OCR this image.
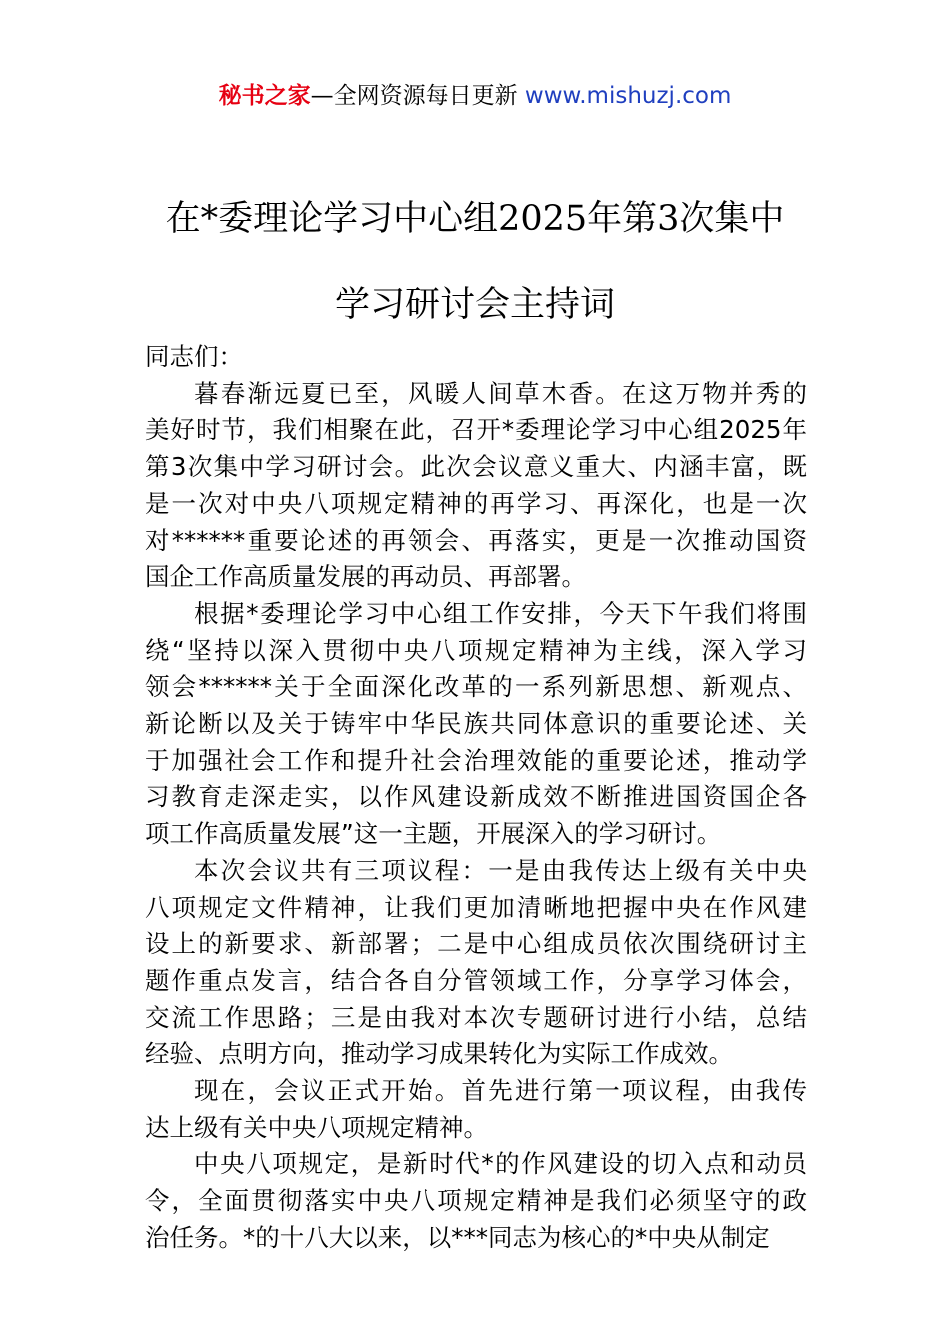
秘书之家—全网资源每日更新 www.mishuzj.com
在*委理论学习中心组2025年第3次集中
学习研讨会主持词

同志们：

暮春渐远夏已至，风暖人间草木香。在这万物并秀的
美好时节，我们相聚在此，召开*委理论学习中心组2025年
第3次集中学习研讨会。此次会议意义重大、内涵丰富，既
是一次对中央八项规定精神的再学习、再深化，也是一次
对******重要论述的再领会、再落实，更是一次推动国资
国企工作高质量发展的再动员、再部署。

根据*委理论学习中心组工作安排，今天下午我们将围
绕“坚持以深入贯彻中央八项规定精神为主线，深入学习
领会******关于全面深化改革的一系列新思想、新观点、
新论断以及关于铸牢中华民族共同体意识的重要论述、关
于加强社会工作和提升社会治理效能的重要论述，推动学
习教育走深走实，以作风建设新成效不断推进国资国企各
项工作高质量发展”这一主题，开展深入的学习研讨。

本次会议共有三项议程：一是由我传达上级有关中央
八项规定文件精神，让我们更加清晰地把握中央在作风建
设上的新要求、新部署；二是中心组成员依次围绕研讨主
题作重点发言，结合各自分管领域工作，分享学习体会，
交流工作思路；三是由我对本次专题研讨进行小结，总结
经验、点明方向，推动学习成果转化为实际工作成效。

现在，会议正式开始。首先进行第一项议程，由我传
达上级有关中央八项规定精神。

中央八项规定，是新时代*的作风建设的切入点和动员
令，全面贯彻落实中央八项规定精神是我们必须坚守的政
治任务。*的十八大以来，以***同志为核心的*中央从制定
